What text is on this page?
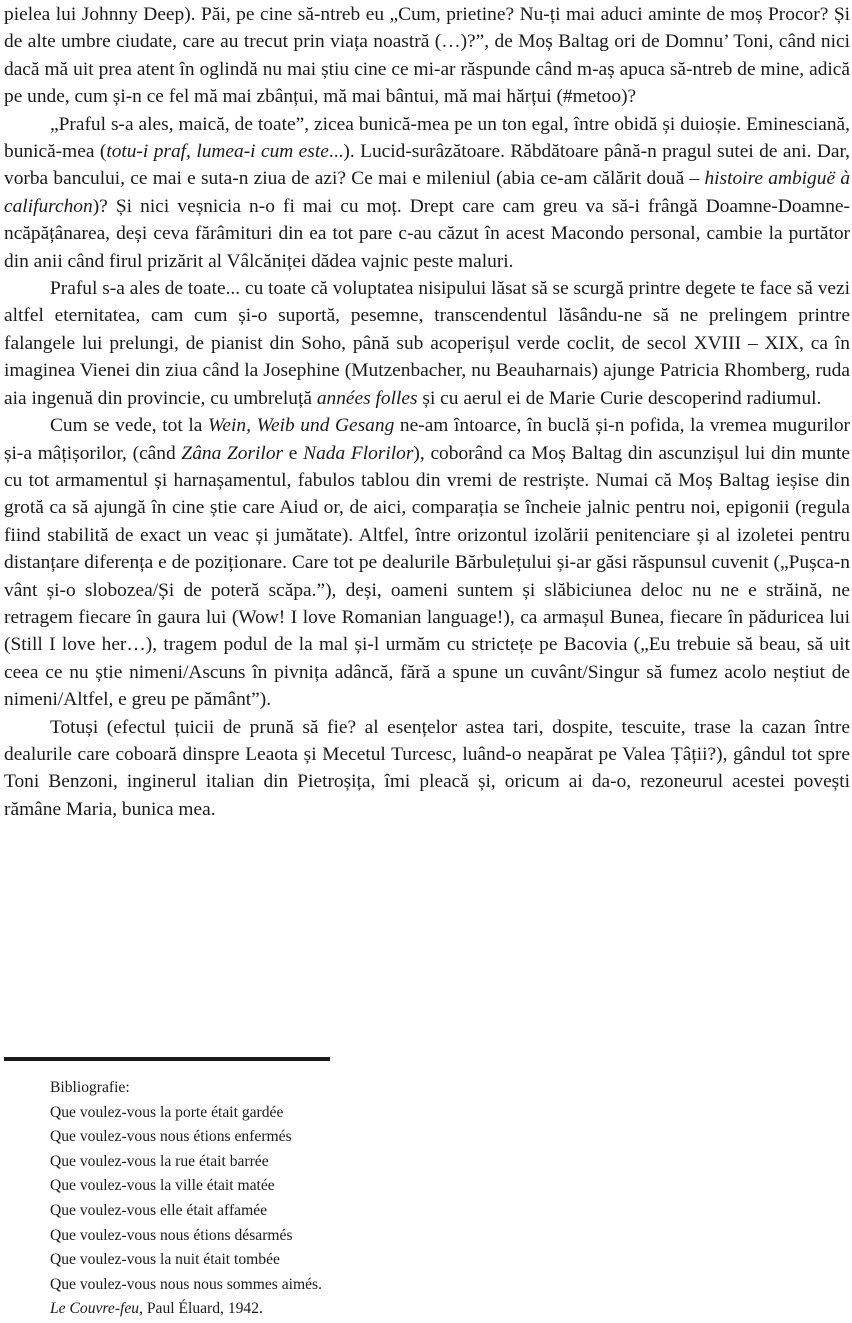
pielea lui Johnny Deep). Păi, pe cine să-ntreb eu „Cum, prietine? Nu-ți mai aduci aminte de moș Procor? Și de alte umbre ciudate, care au trecut prin viața noastră (…)?”, de Moș Baltag ori de Domnu’ Toni, când nici dacă mă uit prea atent în oglindă nu mai știu cine ce mi-ar răspunde când m-aș apuca să-ntreb de mine, adică pe unde, cum și-n ce fel mă mai zbânțui, mă mai bântui, mă mai hărțui (#metoo)?

„Praful s-a ales, maică, de toate”, zicea bunică-mea pe un ton egal, între obidă și duioșie. Eminesciană, bunică-mea (totu-i praf, lumea-i cum este...). Lucid-surâzătoare. Răbdătoare până-n pragul sutei de ani. Dar, vorba bancului, ce mai e suta-n ziua de azi? Ce mai e mileniul (abia ce-am călărit două – histoire ambiguë à califurchon)? Și nici veșnicia n-o fi mai cu moț. Drept care cam greu va să-i frângă Doamne-Doamne-ncăpățânarea, deși ceva fărâmituri din ea tot pare c-au căzut în acest Macondo personal, cambie la purtător din anii când firul prizărit al Vâlcăniței dădea vajnic peste maluri.

Praful s-a ales de toate... cu toate că voluptatea nisipului lăsat să se scurgă printre degete te face să vezi altfel eternitatea, cam cum și-o suportă, pesemne, transcendentul lăsându-ne să ne prelingem printre falangele lui prelungi, de pianist din Soho, până sub acoperișul verde coclit, de secol XVIII – XIX, ca în imaginea Vienei din ziua când la Josephine (Mutzenbacher, nu Beauharnais) ajunge Patricia Rhomberg, ruda aia ingenuă din provincie, cu umbreluță années folles și cu aerul ei de Marie Curie descoperind radiumul.

Cum se vede, tot la Wein, Weib und Gesang ne-am întoarce, în buclă și-n pofida, la vremea mugurilor și-a mâțișorilor, (când Zâna Zorilor e Nada Florilor), coborând ca Moș Baltag din ascunzișul lui din munte cu tot armamentul și harnașamentul, fabulos tablou din vremi de restriște. Numai că Moș Baltag ieșise din grotă ca să ajungă în cine știe care Aiud or, de aici, comparația se încheie jalnic pentru noi, epigonii (regula fiind stabilită de exact un veac și jumătate). Altfel, între orizontul izolării penitenciare și al izoletei pentru distanțare diferența e de poziționare. Care tot pe dealurile Bărbulețului și-ar găsi răspunsul cuvenit („Pușca-n vânt și-o slobozea/Și de poteră scăpa.”), deși, oameni suntem și slăbiciunea deloc nu ne e străină, ne retragem fiecare în gaura lui (Wow! I love Romanian language!), ca armașul Bunea, fiecare în păduricea lui (Still I love her…), tragem podul de la mal și-l urmăm cu strictețe pe Bacovia („Eu trebuie să beau, să uit ceea ce nu știe nimeni/Ascuns în pivnița adâncă, fără a spune un cuvânt/Singur să fumez acolo neștiut de nimeni/Altfel, e greu pe pământ”).

Totuși (efectul țuicii de prună să fie? al esențelor astea tari, dospite, tescuite, trase la cazan între dealurile care coboară dinspre Leaota și Mecetul Turcesc, luând-o neapărat pe Valea Țâții?), gândul tot spre Toni Benzoni, inginerul italian din Pietroșița, îmi pleacă și, oricum ai da-o, rezoneurul acestei povești rămâne Maria, bunica mea.

Bibliografie:
Que voulez-vous la porte était gardée
Que voulez-vous nous étions enfermés
Que voulez-vous la rue était barrée
Que voulez-vous la ville était matée
Que voulez-vous elle était affamée
Que voulez-vous nous étions désarmés
Que voulez-vous la nuit était tombée
Que voulez-vous nous nous sommes aimés.
Le Couvre-feu, Paul Éluard, 1942.
